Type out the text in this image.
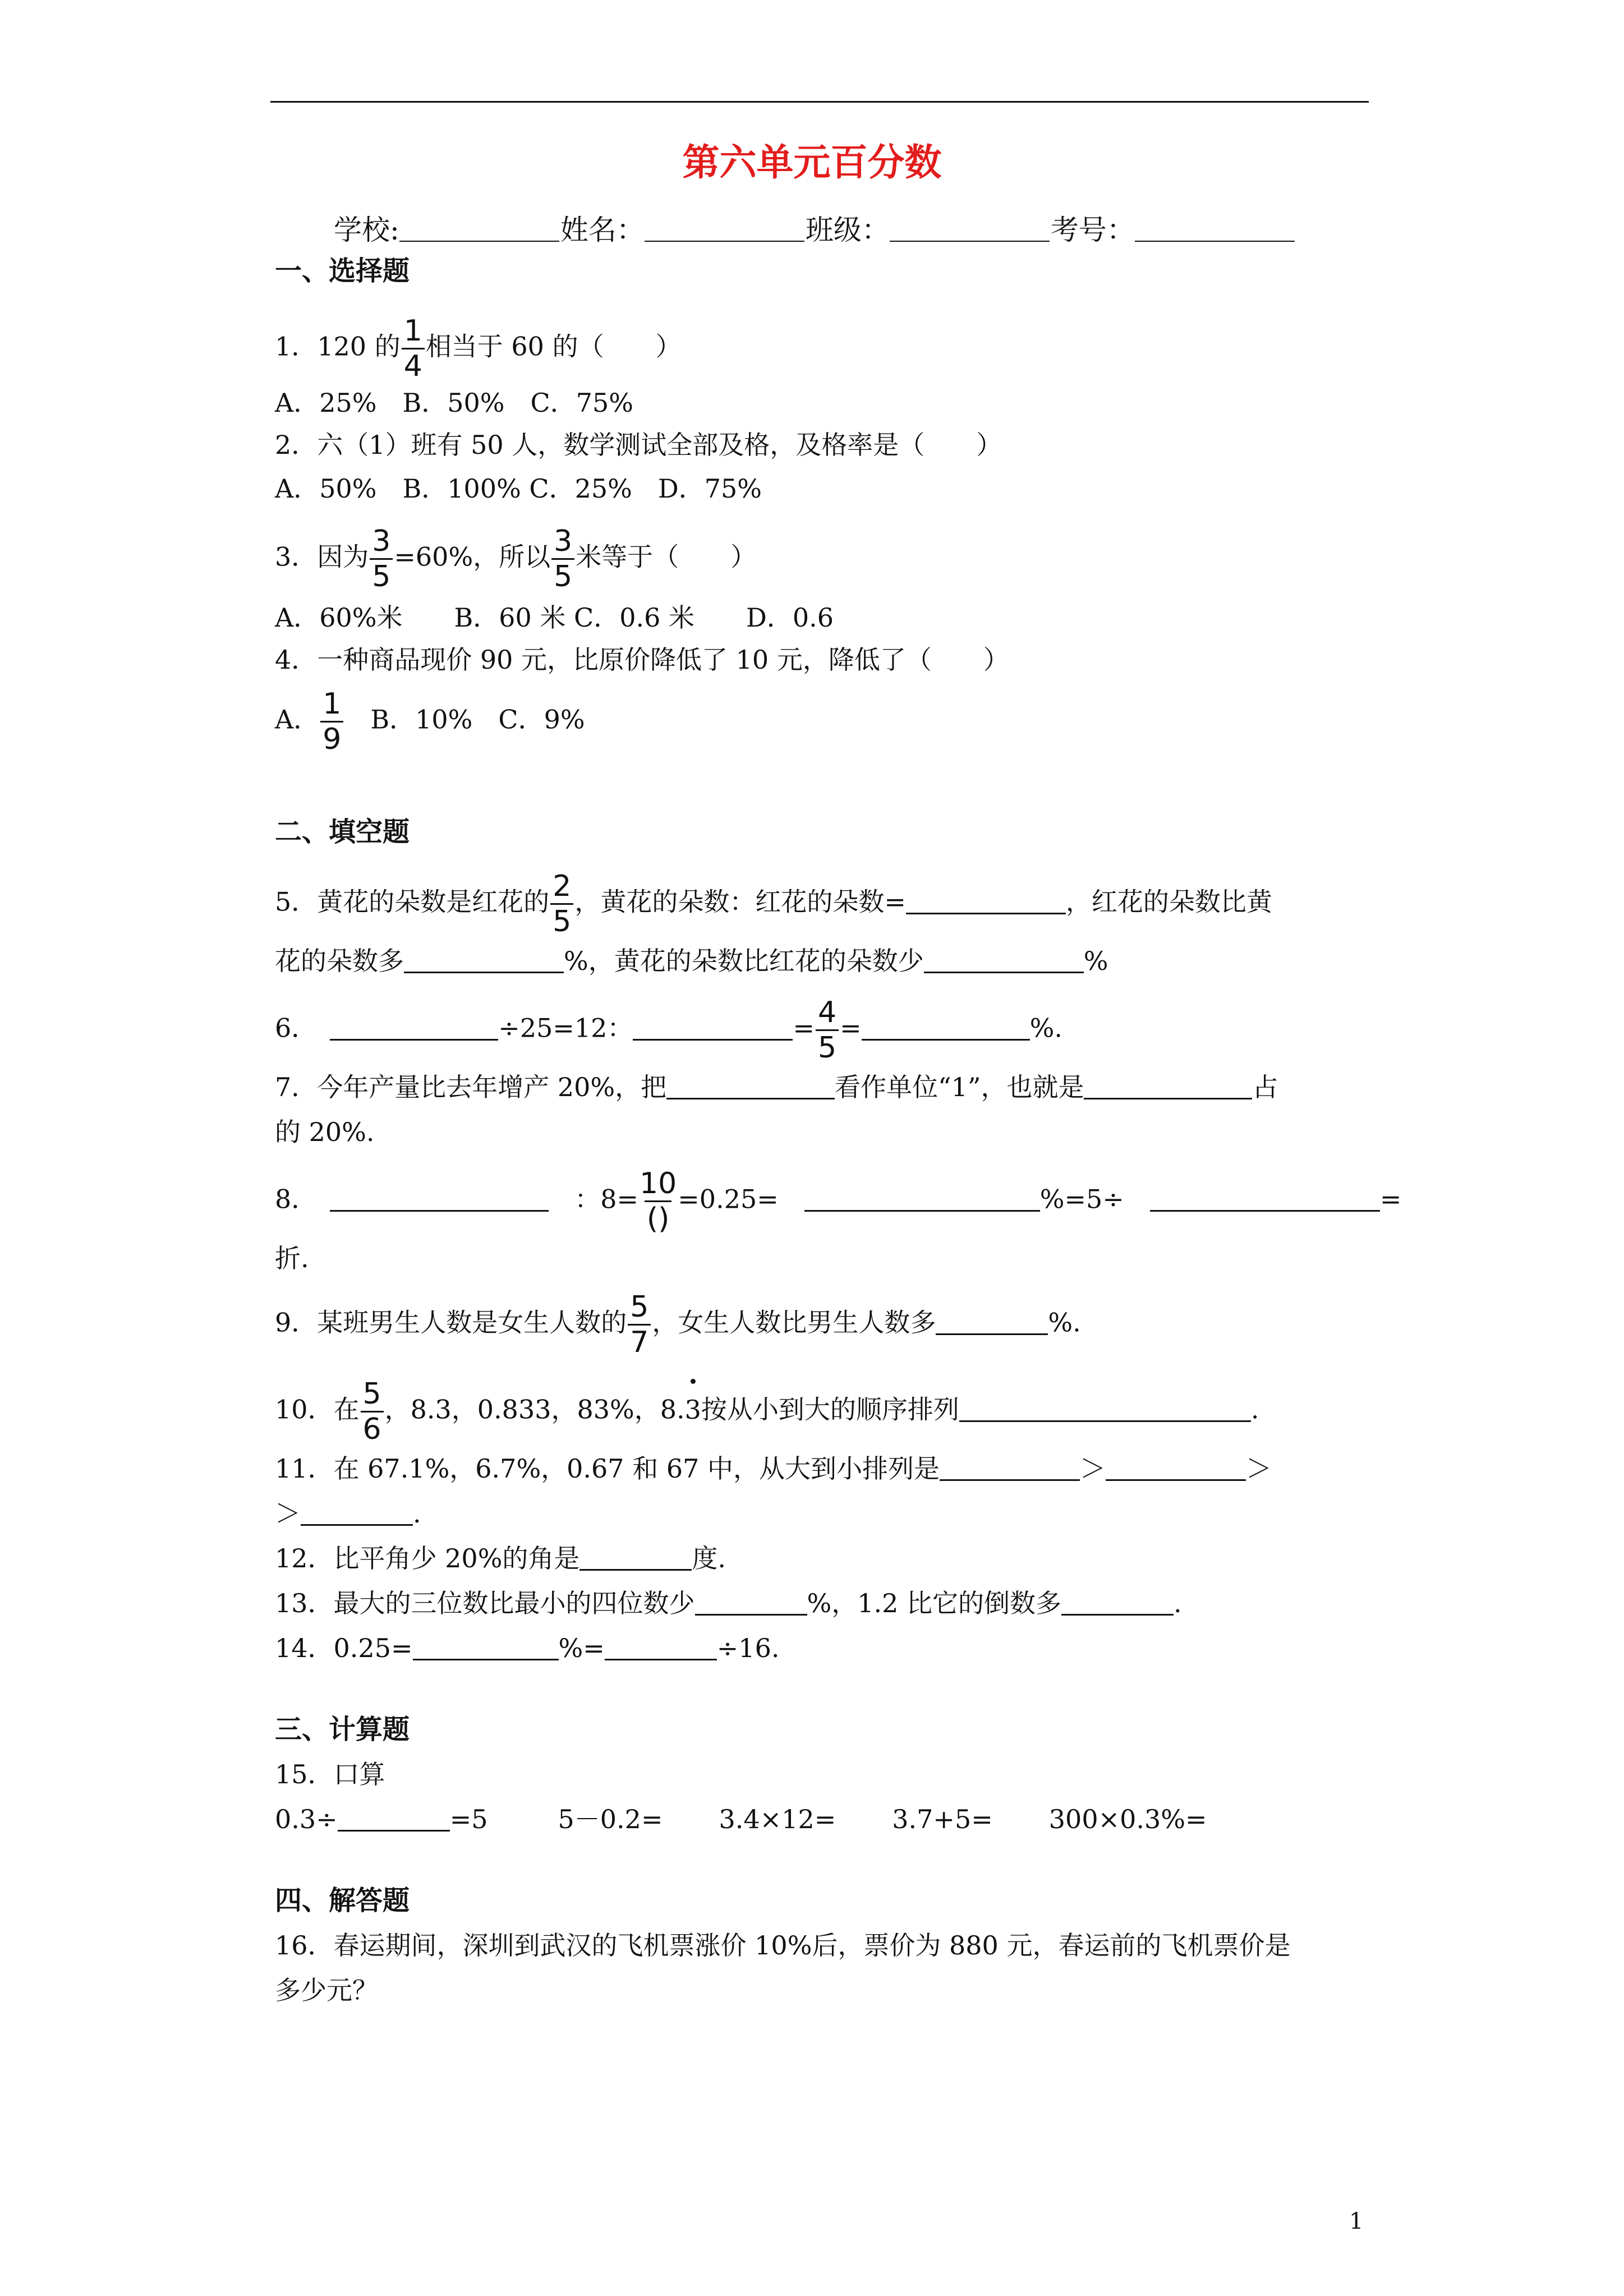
第六单元百分数
学校:	姓名：	班级：	考号：
一、选择题
1．120 的 $\frac{1}{4}$ 相当于 60 的（　　）
A．25%　B．50%　C．75%
2．六（1）班有 50 人，数学测试全部及格，及格率是（　　）
A．50%　B．100% C．25%　D．75%
3．因为 $\frac{3}{5} =60\%$，所以 $\frac{3}{5}$ 米等于（　　）
A．60%米　　B．60 米 C．0.6 米　　D．0.6
4．一种商品现价 90 元，比原价降低了 10 元，降低了（　　）
A． $\frac{1}{9}$ 　B．10%　C．9%
二、填空题
5．黄花的朵数是红花的 $\frac{2}{5}$ ，黄花的朵数：红花的朵数=	，红花的朵数比黄
花的朵数多	%，黄花的朵数比红花的朵数少	%
6．　	÷25=12：	= $\frac{4}{5}$ =	%.
7．今年产量比去年增产 20%，把	看作单位“1”，也就是	占
的 20%.
8．　 	：$8= \frac{10}{()} =0.25=$ 	%=5÷ 	=
折.
9．某班男生人数是女生人数的 $\frac{5}{7}$ ，女生人数比男生人数多	%.
10．在 $\frac{5}{6}$ ，8.3，0.833，83%，8.3按从小到大的顺序排列	.
11．在 67.1%，6.7%，0.67 和 67 中，从大到小排列是	＞	＞
＞	.
12．比平角少 20%的角是	度.
13．最大的三位数比最小的四位数少	%，1.2 比它的倒数多	.
14．0.25=	%=	÷16.
三、计算题
15．口算
0.3÷	=5	5－0.2= 3.4×12= 3.7+5= 300×0.3%=
四、解答题
16．春运期间，深圳到武汉的飞机票涨价 10%后，票价为 880 元，春运前的飞机票价是
多少元？
1
